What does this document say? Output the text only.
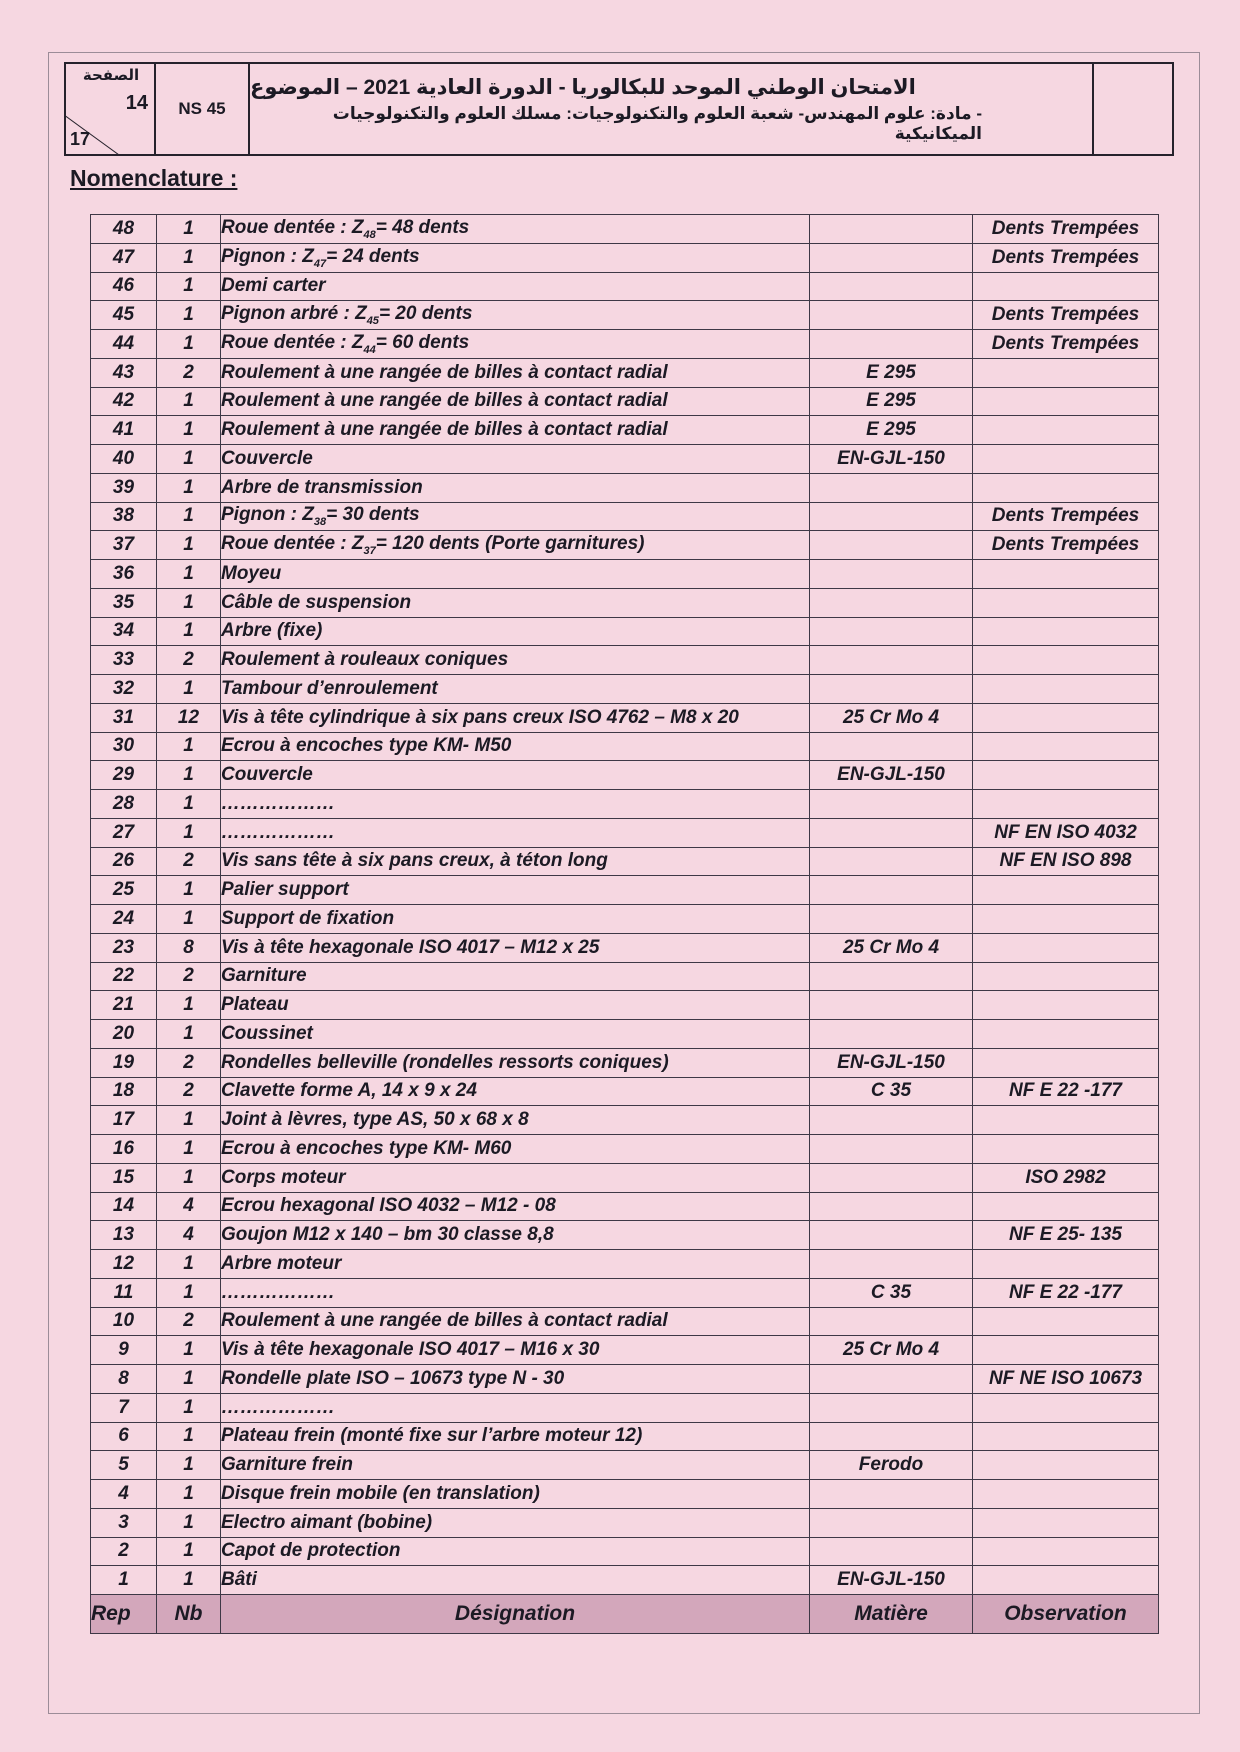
الصفحة
14
17
NS 45
الامتحان الوطني الموحد للبكالوريا - الدورة العادية 2021 – الموضوع
- مادة: علوم المهندس- شعبة العلوم والتكنولوجيات: مسلك العلوم والتكنولوجيات الميكانيكية
Nomenclature :
48	1	Roue dentée : $Z_{48}= 48$ dents		Dents Trempées
47	1	Pignon : $Z_{47}= 24$ dents		Dents Trempées
46	1	Demi carter		
45	1	Pignon arbré : $Z_{45}= 20$ dents		Dents Trempées
44	1	Roue dentée : $Z_{44}= 60$ dents		Dents Trempées
43	2	Roulement à une rangée de billes à contact radial	E 295	
42	1	Roulement à une rangée de billes à contact radial	E 295	
41	1	Roulement à une rangée de billes à contact radial	E 295	
40	1	Couvercle	EN-GJL-150	
39	1	Arbre de transmission		
38	1	Pignon : $Z_{38}= 30$ dents		Dents Trempées
37	1	Roue dentée : $Z_{37}= 120$ dents (Porte garnitures)		Dents Trempées
36	1	Moyeu		
35	1	Câble de suspension		
34	1	Arbre (fixe)		
33	2	Roulement à rouleaux coniques		
32	1	Tambour d’enroulement		
31	12	Vis à tête cylindrique à six pans creux ISO 4762 – M8 x 20	25 Cr Mo 4	
30	1	Ecrou à encoches type KM- M50		
29	1	Couvercle	EN-GJL-150	
28	1	………………		
27	1	………………		NF EN ISO 4032
26	2	Vis sans tête à six pans creux, à téton long		NF EN ISO 898
25	1	Palier support		
24	1	Support de fixation		
23	8	Vis à tête hexagonale ISO 4017 – M12 x 25	25 Cr Mo 4	
22	2	Garniture		
21	1	Plateau		
20	1	Coussinet		
19	2	Rondelles belleville (rondelles ressorts coniques)	EN-GJL-150	
18	2	Clavette forme A, 14 x 9 x 24	C 35	NF E 22 -177
17	1	Joint à lèvres, type AS, 50 x 68 x 8		
16	1	Ecrou à encoches type KM- M60		
15	1	Corps moteur		ISO 2982
14	4	Ecrou hexagonal ISO 4032 – M12 - 08		
13	4	Goujon M12 x 140 – bm 30 classe 8,8		NF E 25- 135
12	1	Arbre moteur		
11	1	………………	C 35	NF E 22 -177
10	2	Roulement à une rangée de billes à contact radial		
9	1	Vis à tête hexagonale ISO 4017 – M16 x 30	25 Cr Mo 4	
8	1	Rondelle plate ISO – 10673 type N - 30		NF NE ISO 10673
7	1	………………		
6	1	Plateau frein (monté fixe sur l’arbre moteur 12)		
5	1	Garniture frein	Ferodo	
4	1	Disque frein mobile (en translation)		
3	1	Electro aimant (bobine)		
2	1	Capot de protection		
1	1	Bâti	EN-GJL-150	
Rep	Nb	Désignation	Matière	Observation
